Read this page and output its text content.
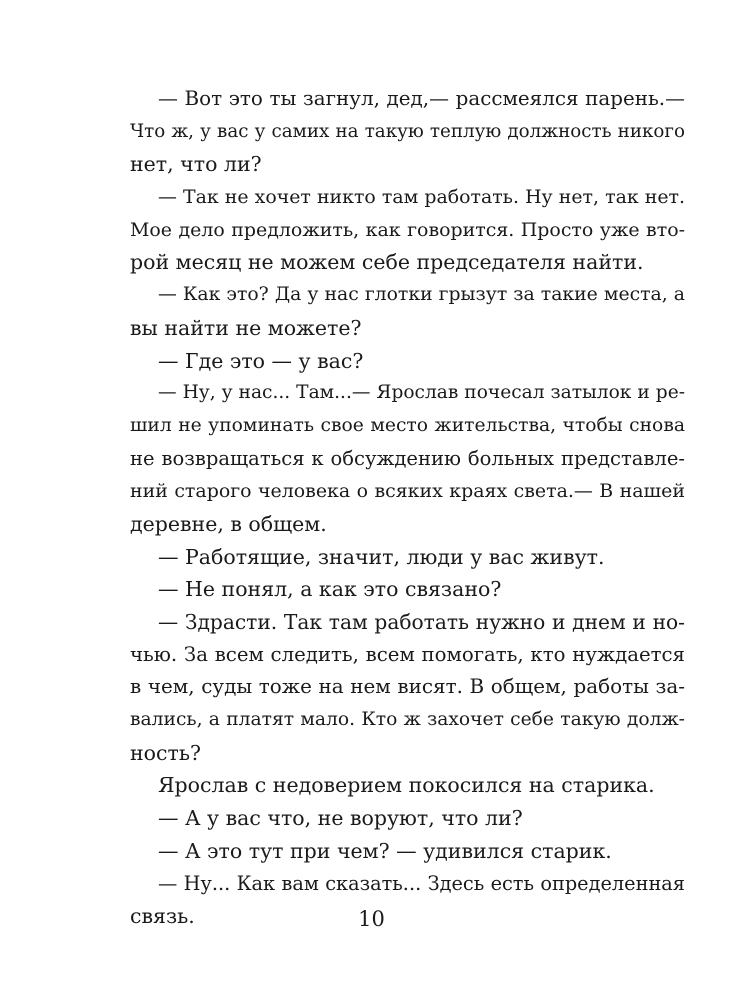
— Вот это ты загнул, дед,— рассмеялся парень.—
Что ж, у вас у самих на такую теплую должность никого
нет, что ли?
— Так не хочет никто там работать. Ну нет, так нет.
Мое дело предложить, как говорится. Просто уже вто-
рой месяц не можем себе председателя найти.
— Как это? Да у нас глотки грызут за такие места, а
вы найти не можете?
— Где это — у вас?
— Ну, у нас... Там...— Ярослав почесал затылок и ре-
шил не упоминать свое место жительства, чтобы снова
не возвращаться к обсуждению больных представле-
ний старого человека о всяких краях света.— В нашей
деревне, в общем.
— Работящие, значит, люди у вас живут.
— Не понял, а как это связано?
— Здрасти. Так там работать нужно и днем и но-
чью. За всем следить, всем помогать, кто нуждается
в чем, суды тоже на нем висят. В общем, работы за-
вались, а платят мало. Кто ж захочет себе такую долж-
ность?
Ярослав с недоверием покосился на старика.
— А у вас что, не воруют, что ли?
— А это тут при чем? — удивился старик.
— Ну... Как вам сказать... Здесь есть определенная
связь.	10
